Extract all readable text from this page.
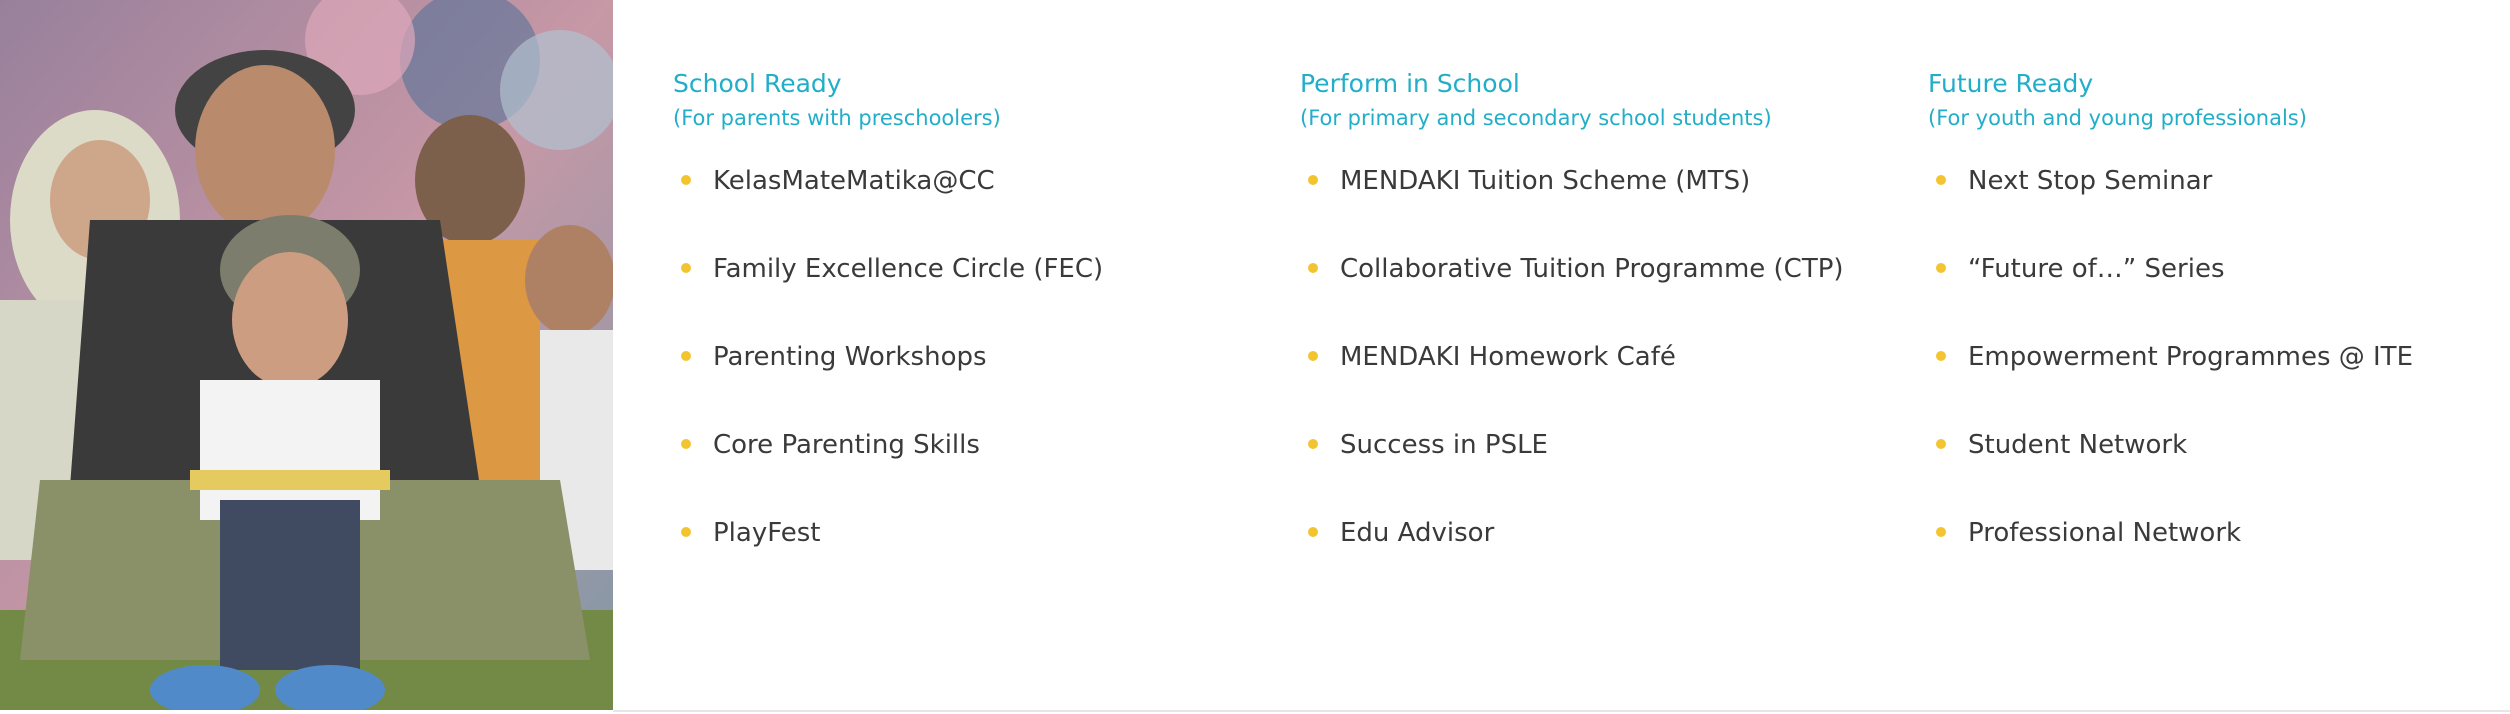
School Ready

(For parents with preschoolers)

KelasMateMatika@CC
Family Excellence Circle (FEC)
Parenting Workshops
Core Parenting Skills
PlayFest
Perform in School

(For primary and secondary school students)

MENDAKI Tuition Scheme (MTS)
Collaborative Tuition Programme (CTP)
MENDAKI Homework Café
Success in PSLE
Edu Advisor
Future Ready

(For youth and young professionals)

Next Stop Seminar
“Future of…” Series
Empowerment Programmes @ ITE
Student Network
Professional Network
